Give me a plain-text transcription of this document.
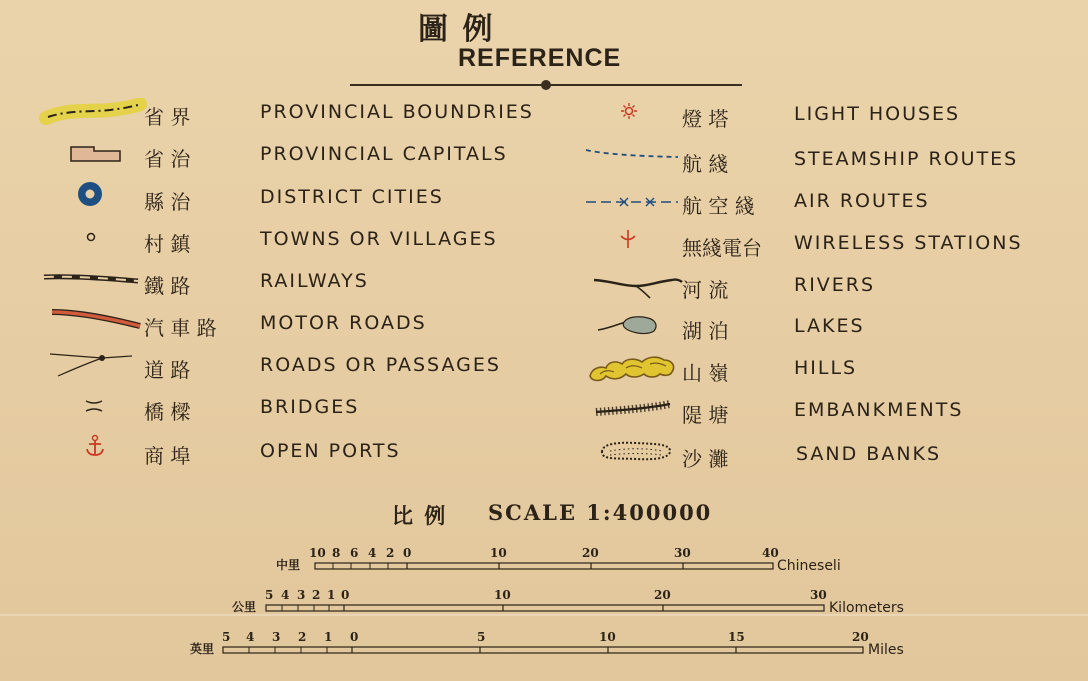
圖 例
REFERENCE
省 界	PROVINCIAL BOUNDRIES
省 治	PROVINCIAL CAPITALS
縣 治	DISTRICT CITIES
村 鎮	TOWNS OR VILLAGES
鐵 路	RAILWAYS
汽 車 路 MOTOR ROADS
道 路	ROADS OR PASSAGES
橋 樑	BRIDGES
商 埠	OPEN PORTS
燈 塔	LIGHT HOUSES
航 綫	STEAMSHIP ROUTES
航 空 綫 AIR ROUTES
無綫電台 WIRELESS STATIONS
河 流	RIVERS
湖 泊	LAKES
山 嶺	HILLS
隄 塘	EMBANKMENTS
沙 灘	SAND BANKS
比 例 SCALE 1:400000
中里	Chineseli
10 8 6 4 2 0	10	20	30	40
公里	Kilometers
5 4 3 2 1 0	10	20	30
英里	Miles
5 4 3 2 1 0	5	10	15	20
